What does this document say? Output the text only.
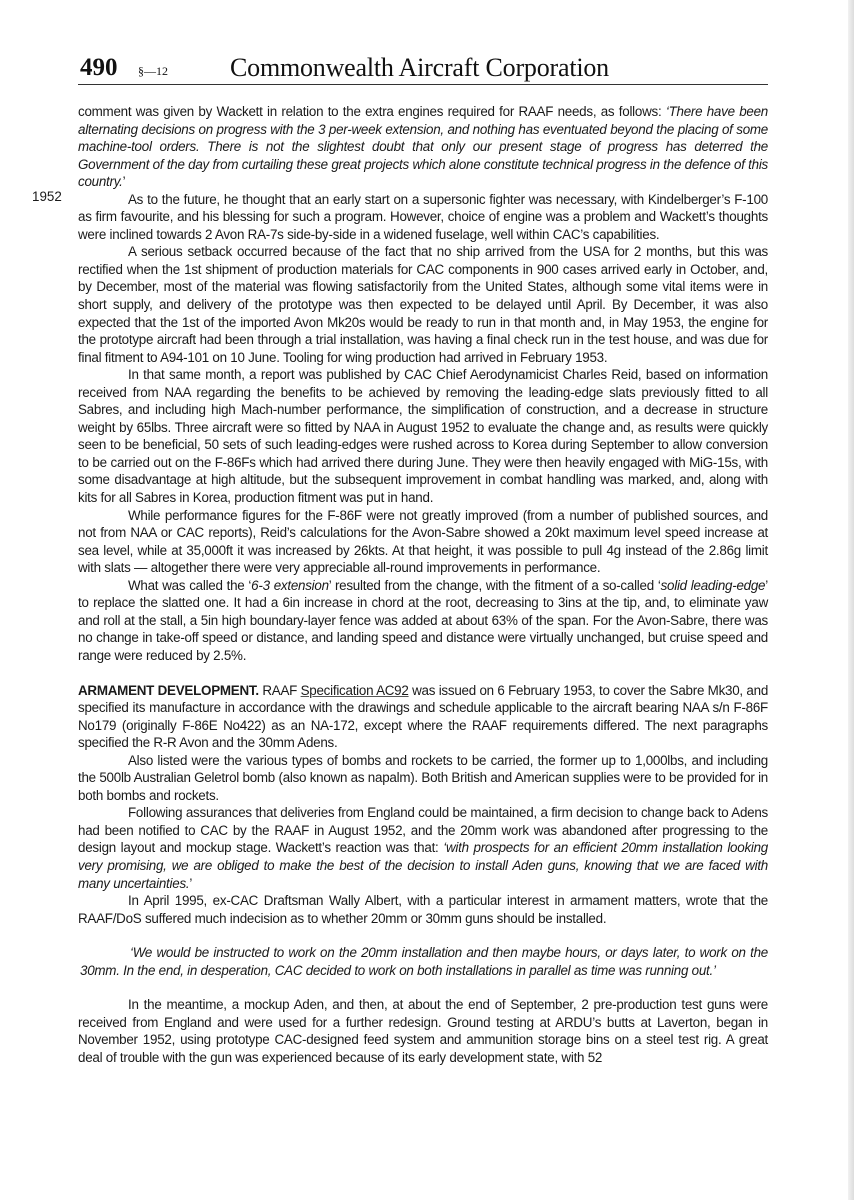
490 §—12 Commonwealth Aircraft Corporation
1952

comment was given by Wackett in relation to the extra engines required for RAAF needs, as follows: ‘There have been alternating decisions on progress with the 3 per-week extension, and nothing has eventuated beyond the placing of some machine-tool orders. There is not the slightest doubt that only our present stage of progress has deterred the Government of the day from curtailing these great projects which alone constitute technical progress in the defence of this country.’

As to the future, he thought that an early start on a supersonic fighter was necessary, with Kindelberger’s F-100 as firm favourite, and his blessing for such a program. However, choice of engine was a problem and Wackett’s thoughts were inclined towards 2 Avon RA-7s side-by-side in a widened fuselage, well within CAC’s capabilities.

A serious setback occurred because of the fact that no ship arrived from the USA for 2 months, but this was rectified when the 1st shipment of production materials for CAC components in 900 cases arrived early in October, and, by December, most of the material was flowing satisfactorily from the United States, although some vital items were in short supply, and delivery of the prototype was then expected to be delayed until April. By December, it was also expected that the 1st of the imported Avon Mk20s would be ready to run in that month and, in May 1953, the engine for the prototype aircraft had been through a trial installation, was having a final check run in the test house, and was due for final fitment to A94-101 on 10 June. Tooling for wing production had arrived in February 1953.

In that same month, a report was published by CAC Chief Aerodynamicist Charles Reid, based on information received from NAA regarding the benefits to be achieved by removing the leading-edge slats previously fitted to all Sabres, and including high Mach-number performance, the simplification of construction, and a decrease in structure weight by 65lbs. Three aircraft were so fitted by NAA in August 1952 to evaluate the change and, as results were quickly seen to be beneficial, 50 sets of such leading-edges were rushed across to Korea during September to allow conversion to be carried out on the F-86Fs which had arrived there during June. They were then heavily engaged with MiG-15s, with some disadvantage at high altitude, but the subsequent improvement in combat handling was marked, and, along with kits for all Sabres in Korea, production fitment was put in hand.

While performance figures for the F-86F were not greatly improved (from a number of published sources, and not from NAA or CAC reports), Reid’s calculations for the Avon-Sabre showed a 20kt maximum level speed increase at sea level, while at 35,000ft it was increased by 26kts. At that height, it was possible to pull 4g instead of the 2.86g limit with slats — altogether there were very appreciable all-round improvements in performance.

What was called the ‘6-3 extension’ resulted from the change, with the fitment of a so-called ‘solid leading-edge’ to replace the slatted one. It had a 6in increase in chord at the root, decreasing to 3ins at the tip, and, to eliminate yaw and roll at the stall, a 5in high boundary-layer fence was added at about 63% of the span. For the Avon-Sabre, there was no change in take-off speed or distance, and landing speed and distance were virtually unchanged, but cruise speed and range were reduced by 2.5%.

ARMAMENT DEVELOPMENT. RAAF Specification AC92 was issued on 6 February 1953, to cover the Sabre Mk30, and specified its manufacture in accordance with the drawings and schedule applicable to the aircraft bearing NAA s/n F-86F No179 (originally F-86E No422) as an NA-172, except where the RAAF requirements differed. The next paragraphs specified the R-R Avon and the 30mm Adens.

Also listed were the various types of bombs and rockets to be carried, the former up to 1,000lbs, and including the 500lb Australian Geletrol bomb (also known as napalm). Both British and American supplies were to be provided for in both bombs and rockets.

Following assurances that deliveries from England could be maintained, a firm decision to change back to Adens had been notified to CAC by the RAAF in August 1952, and the 20mm work was abandoned after progressing to the design layout and mockup stage. Wackett’s reaction was that: ‘with prospects for an efficient 20mm installation looking very promising, we are obliged to make the best of the decision to install Aden guns, knowing that we are faced with many uncertainties.’

In April 1995, ex-CAC Draftsman Wally Albert, with a particular interest in armament matters, wrote that the RAAF/DoS suffered much indecision as to whether 20mm or 30mm guns should be installed.

‘We would be instructed to work on the 20mm installation and then maybe hours, or days later, to work on the 30mm. In the end, in desperation, CAC decided to work on both installations in parallel as time was running out.’

In the meantime, a mockup Aden, and then, at about the end of September, 2 pre-production test guns were received from England and were used for a further redesign. Ground testing at ARDU’s butts at Laverton, began in November 1952, using prototype CAC-designed feed system and ammunition storage bins on a steel test rig. A great deal of trouble with the gun was experienced because of its early development state, with 52
